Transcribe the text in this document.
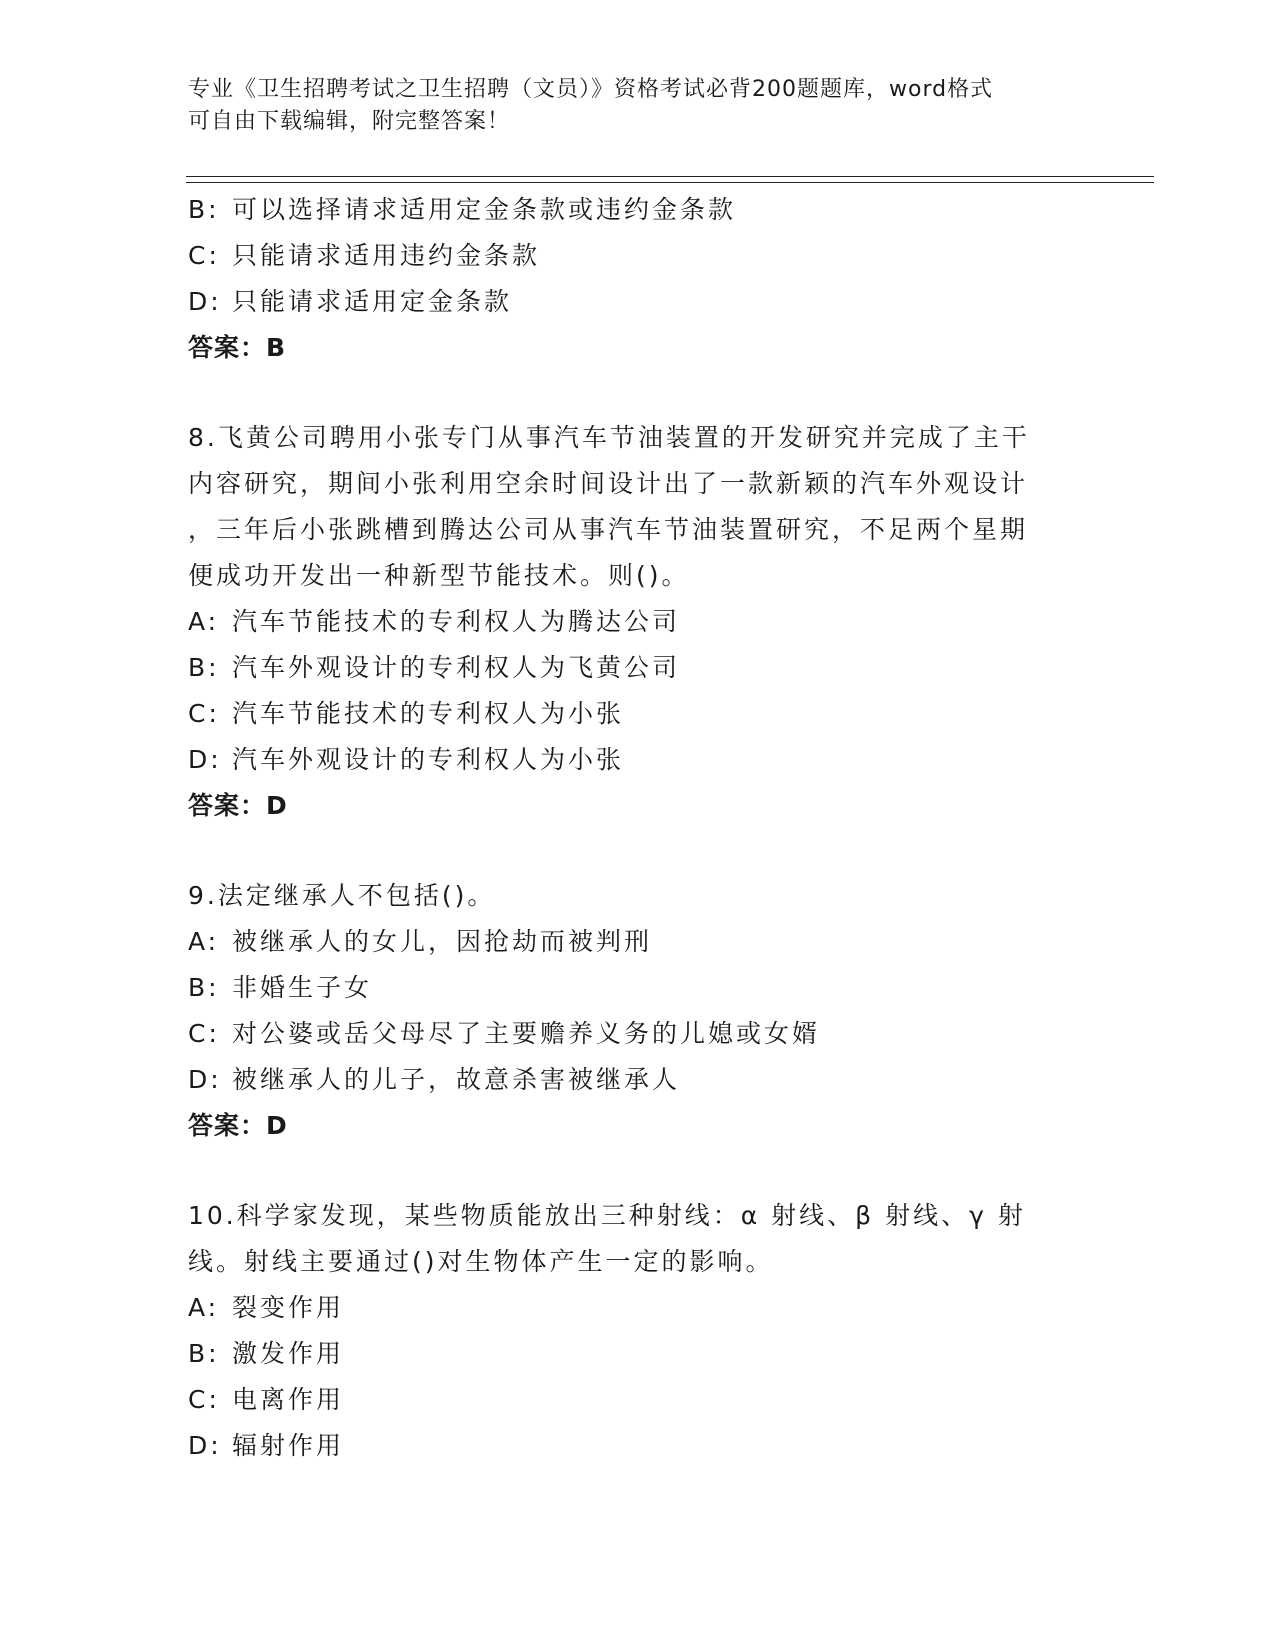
专业《卫生招聘考试之卫生招聘（文员）》资格考试必背200题题库，word格式
可自由下载编辑，附完整答案！
B: 可以选择请求适用定金条款或违约金条款
C: 只能请求适用违约金条款
D: 只能请求适用定金条款
答案：B
8.飞黄公司聘用小张专门从事汽车节油装置的开发研究并完成了主干
内容研究，期间小张利用空余时间设计出了一款新颖的汽车外观设计
，三年后小张跳槽到腾达公司从事汽车节油装置研究，不足两个星期
便成功开发出一种新型节能技术。则()。
A: 汽车节能技术的专利权人为腾达公司
B: 汽车外观设计的专利权人为飞黄公司
C: 汽车节能技术的专利权人为小张
D: 汽车外观设计的专利权人为小张
答案：D
9.法定继承人不包括()。
A: 被继承人的女儿，因抢劫而被判刑
B: 非婚生子女
C: 对公婆或岳父母尽了主要赡养义务的儿媳或女婿
D: 被继承人的儿子，故意杀害被继承人
答案：D
10.科学家发现，某些物质能放出三种射线：α 射线、β 射线、γ 射
线。射线主要通过()对生物体产生一定的影响。
A: 裂变作用
B: 激发作用
C: 电离作用
D: 辐射作用
